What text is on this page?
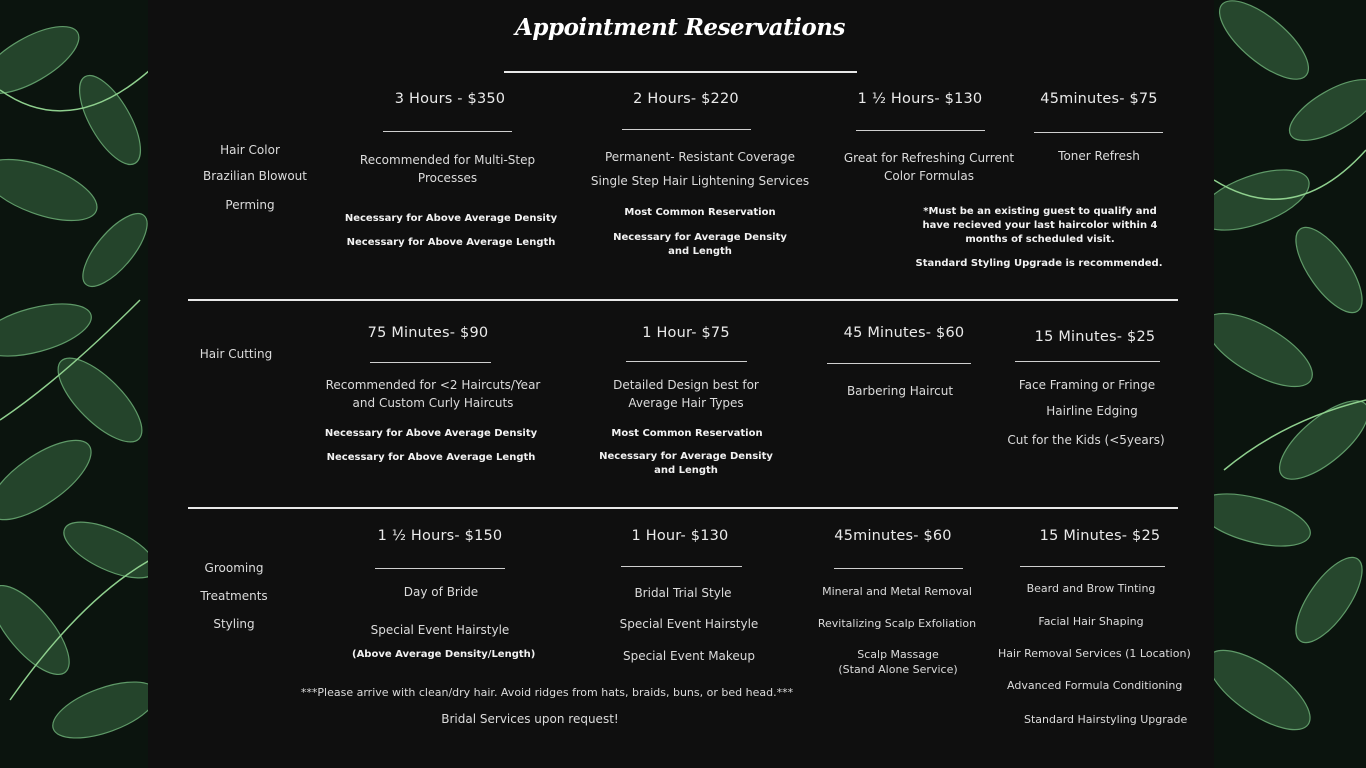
Appointment Reservations
Hair Color
Brazilian Blowout
Perming
3 Hours - $350
Recommended for Multi-Step Processes
Necessary for Above Average Density
Necessary for Above Average Length
2 Hours- $220
Permanent- Resistant Coverage
Single Step Hair Lightening Services
Most Common Reservation
Necessary for Average Density and Length
1 ½ Hours- $130
Great for Refreshing Current Color Formulas
45minutes- $75
Toner Refresh
*Must be an existing guest to qualify and have recieved your last haircolor within 4 months of scheduled visit.
Standard Styling Upgrade is recommended.
Hair Cutting
75 Minutes- $90
Recommended for <2 Haircuts/Year and Custom Curly Haircuts
Necessary for Above Average Density
Necessary for Above Average Length
1 Hour- $75
Detailed Design best for Average Hair Types
Most Common Reservation
Necessary for Average Density and Length
45 Minutes- $60
Barbering Haircut
15 Minutes- $25
Face Framing or Fringe
Hairline Edging
Cut for the Kids (<5years)
Grooming
Treatments
Styling
1 ½ Hours- $150
Day of Bride
Special Event Hairstyle
(Above Average Density/Length)
1 Hour- $130
Bridal Trial Style
Special Event Hairstyle
Special Event Makeup
45minutes- $60
Mineral and Metal Removal
Revitalizing Scalp Exfoliation
Scalp Massage
(Stand Alone Service)
15 Minutes- $25
Beard and Brow Tinting
Facial Hair Shaping
Hair Removal Services (1 Location)
Advanced Formula Conditioning
Standard Hairstyling Upgrade
***Please arrive with clean/dry hair. Avoid ridges from hats, braids, buns, or bed head.***
Bridal Services upon request!
